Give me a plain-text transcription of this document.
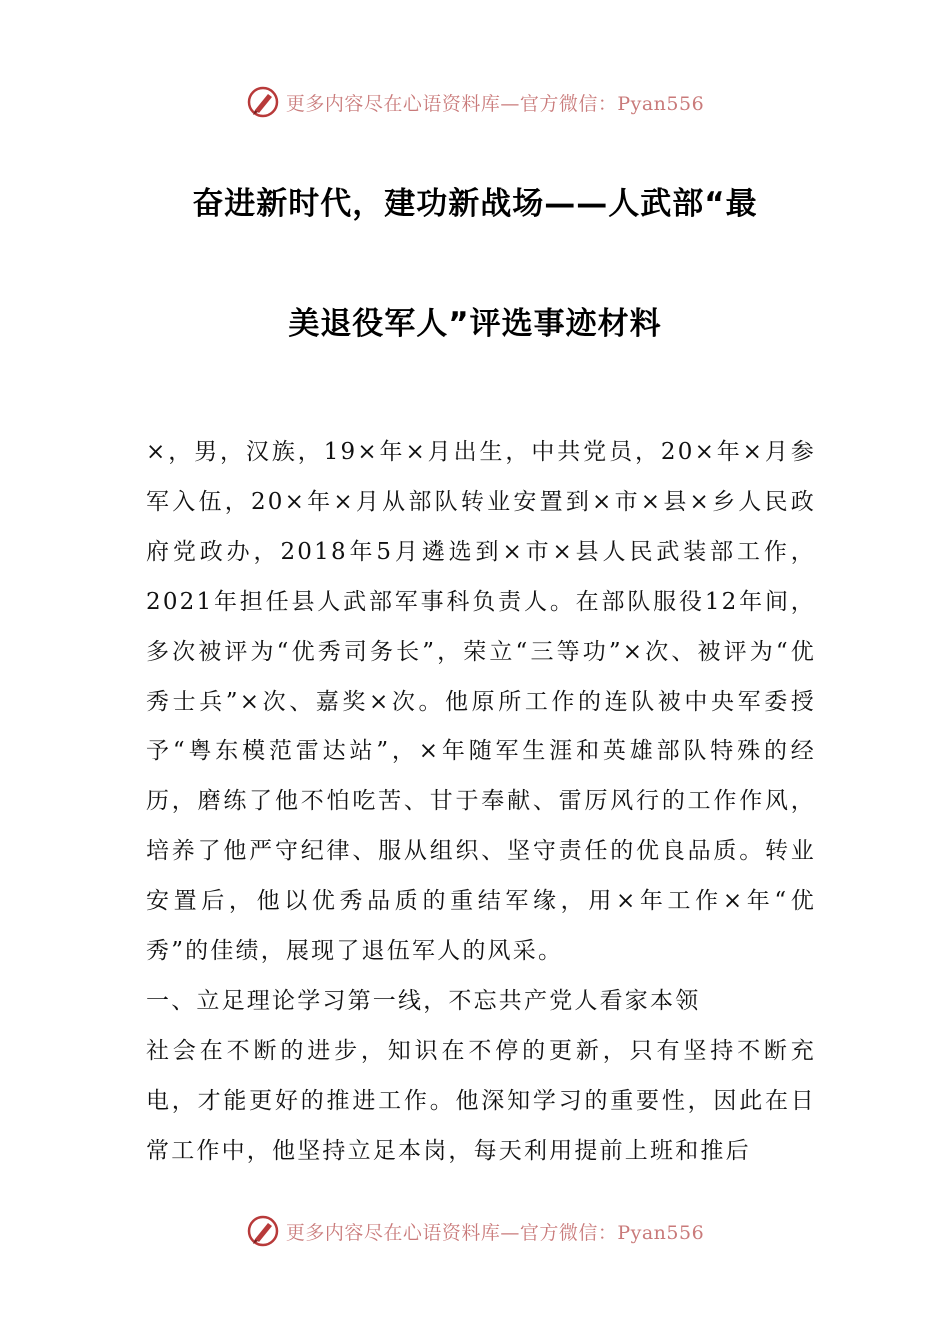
更多内容尽在心语资料库—官方微信：Pyan556
奋进新时代，建功新战场——人武部“最
美退役军人”评选事迹材料

×，男，汉族，19×年×月出生，中共党员，20×年×月参军入伍，20×年×月从部队转业安置到×市×县×乡人民政府党政办，2018年5月遴选到×市×县人民武装部工作，2021年担任县人武部军事科负责人。在部队服役12年间，多次被评为“优秀司务长”，荣立“三等功”×次、被评为“优秀士兵”×次、嘉奖×次。他原所工作的连队被中央军委授予“粤东模范雷达站”，×年随军生涯和英雄部队特殊的经历，磨练了他不怕吃苦、甘于奉献、雷厉风行的工作作风，培养了他严守纪律、服从组织、坚守责任的优良品质。转业安置后，他以优秀品质的重结军缘，用×年工作×年“优秀”的佳绩，展现了退伍军人的风采。

一、立足理论学习第一线，不忘共产党人看家本领

社会在不断的进步，知识在不停的更新，只有坚持不断充电，才能更好的推进工作。他深知学习的重要性，因此在日常工作中，他坚持立足本岗，每天利用提前上班和推后

更多内容尽在心语资料库—官方微信：Pyan556
